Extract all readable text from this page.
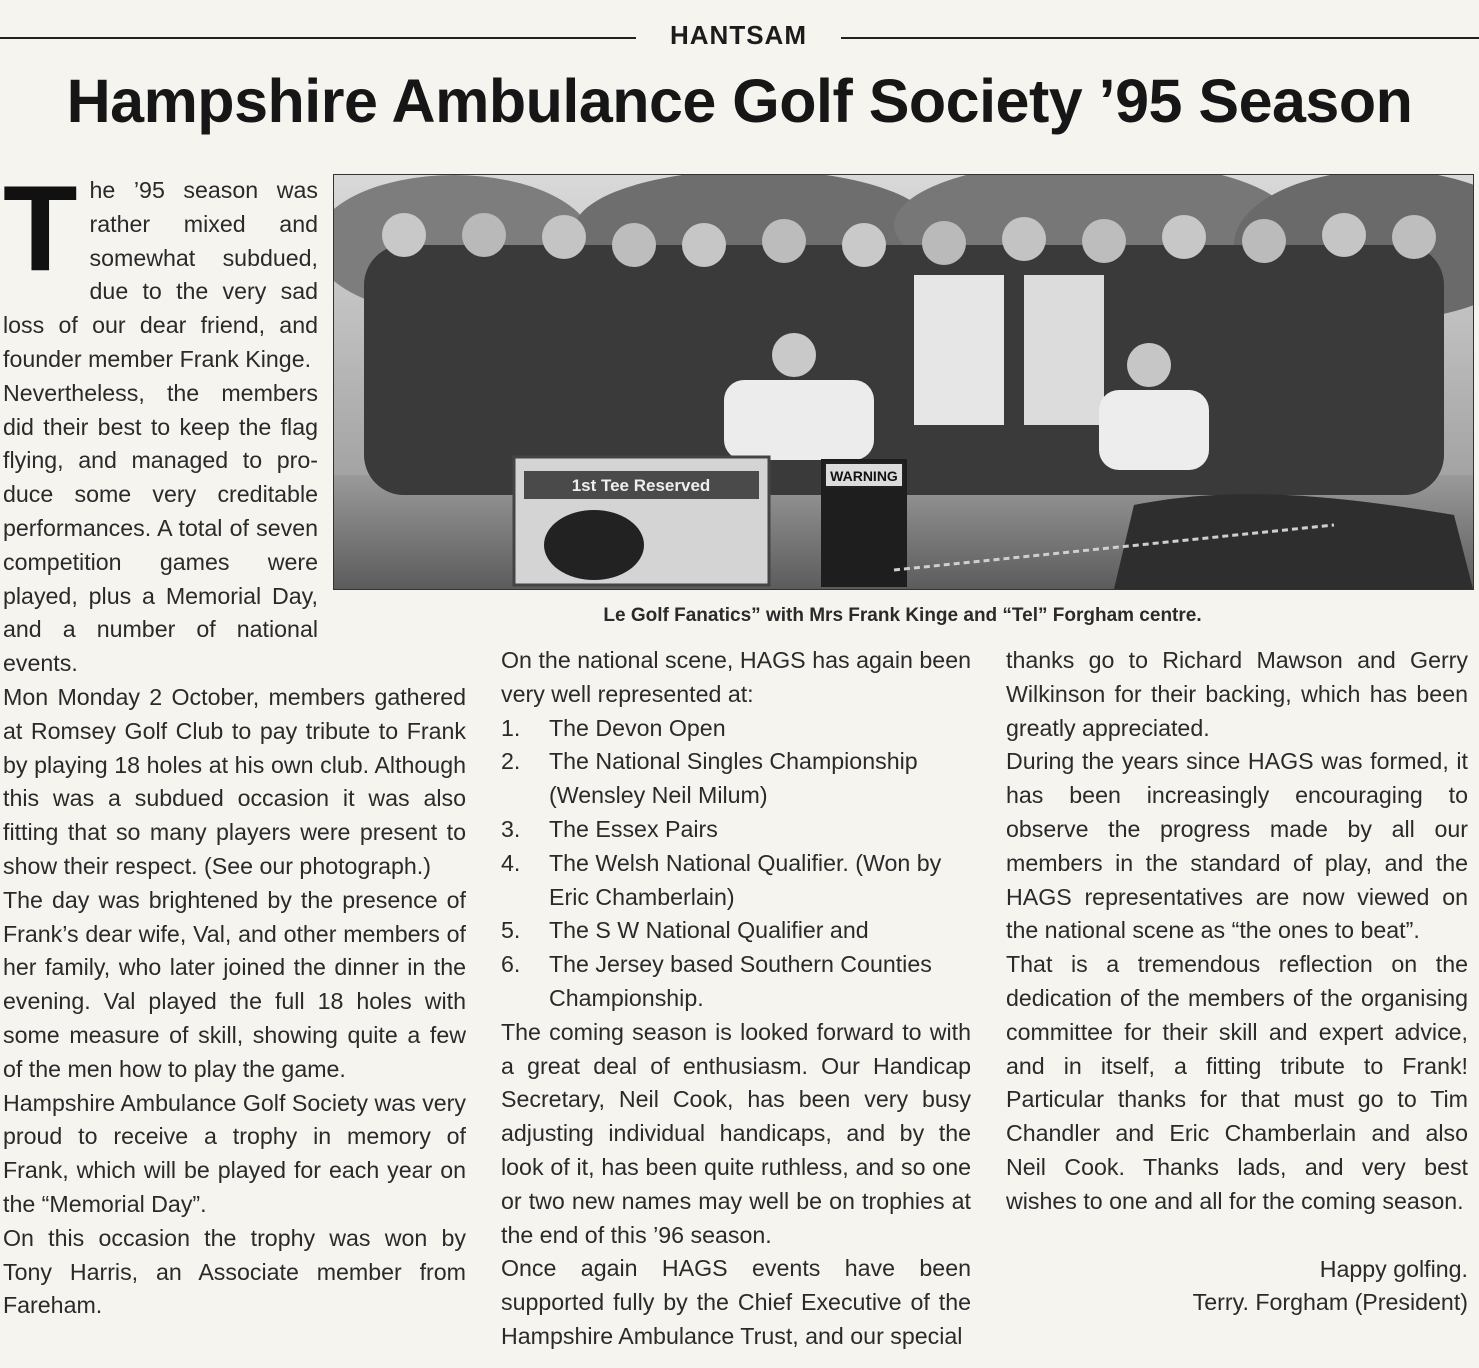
HANTSAM
Hampshire Ambulance Golf Society ’95 Season
T he ’95 season was rather mixed and somewhat subdued, due to the very sad loss of our dear friend, and founder member Frank Kinge.

Nevertheless, the members did their best to keep the flag flying, and managed to pro-duce some very creditable performances. A total of seven competition games were played, plus a Memorial Day, and a number of national events.

Mon Monday 2 October, members gathered at Romsey Golf Club to pay tribute to Frank by playing 18 holes at his own club. Although this was a subdued occasion it was also fitting that so many players were present to show their respect. (See our photograph.)

The day was brightened by the presence of Frank’s dear wife, Val, and other members of her family, who later joined the dinner in the evening. Val played the full 18 holes with some measure of skill, showing quite a few of the men how to play the game.

Hampshire Ambulance Golf Society was very proud to receive a trophy in memory of Frank, which will be played for each year on the “Memorial Day”.

On this occasion the trophy was won by Tony Harris, an Associate member from Fareham.

1st Tee Reserved	WARNING
Le Golf Fanatics” with Mrs Frank Kinge and “Tel” Forgham centre.

On the national scene, HAGS has again been very well represented at:

1.	The Devon Open
2.	The National Singles Championship (Wensley Neil Milum)
3.	The Essex Pairs
4.	The Welsh National Qualifier. (Won by Eric Chamberlain)
5.	The S W National Qualifier and
6.	The Jersey based Southern Counties Championship.

The coming season is looked forward to with a great deal of enthusiasm. Our Handicap Secretary, Neil Cook, has been very busy adjusting individual handicaps, and by the look of it, has been quite ruthless, and so one or two new names may well be on trophies at the end of this ’96 season.

Once again HAGS events have been supported fully by the Chief Executive of the Hampshire Ambulance Trust, and our special

thanks go to Richard Mawson and Gerry Wilkinson for their backing, which has been greatly appreciated.

During the years since HAGS was formed, it has been increasingly encouraging to observe the progress made by all our members in the standard of play, and the HAGS representatives are now viewed on the national scene as “the ones to beat”.

That is a tremendous reflection on the dedication of the members of the organising committee for their skill and expert advice, and in itself, a fitting tribute to Frank! Particular thanks for that must go to Tim Chandler and Eric Chamberlain and also Neil Cook. Thanks lads, and very best wishes to one and all for the coming season.

Happy golfing.

Terry. Forgham (President)
